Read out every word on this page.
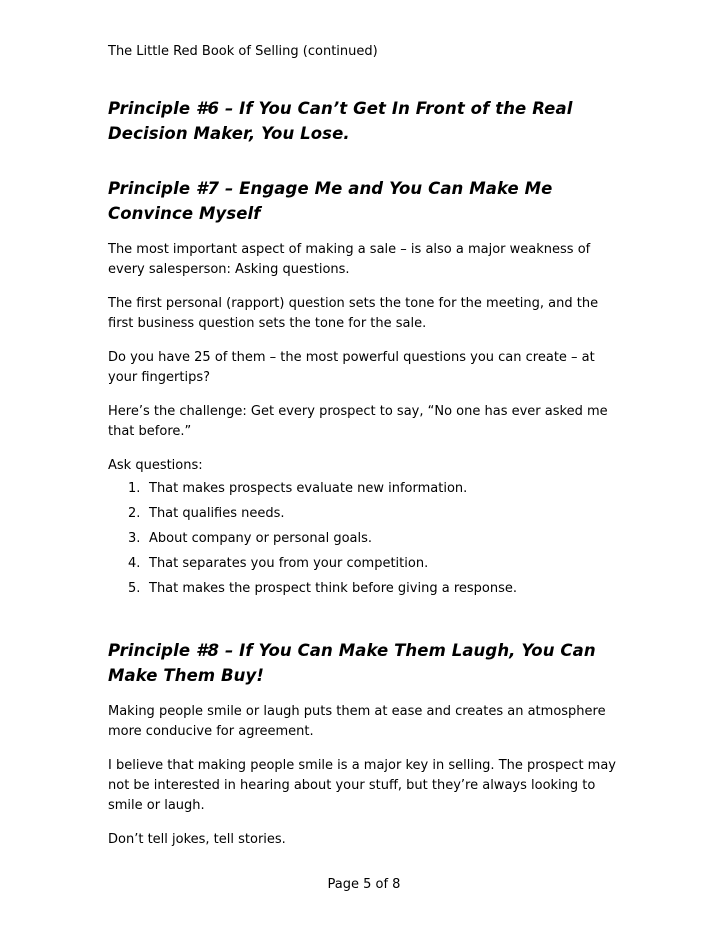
The Little Red Book of Selling (continued)
Principle #6 – If You Can’t Get In Front of the Real Decision Maker, You Lose.
Principle #7 – Engage Me and You Can Make Me Convince Myself

The most important aspect of making a sale – is also a major weakness of every salesperson: Asking questions.

The first personal (rapport) question sets the tone for the meeting, and the first business question sets the tone for the sale.

Do you have 25 of them – the most powerful questions you can create – at your fingertips?

Here’s the challenge: Get every prospect to say, “No one has ever asked me that before.”

Ask questions:

1. That makes prospects evaluate new information.
2. That qualifies needs.
3. About company or personal goals.
4. That separates you from your competition.
5. That makes the prospect think before giving a response.
Principle #8 – If You Can Make Them Laugh, You Can Make Them Buy!

Making people smile or laugh puts them at ease and creates an atmosphere more conducive for agreement.

I believe that making people smile is a major key in selling. The prospect may not be interested in hearing about your stuff, but they’re always looking to smile or laugh.

Don’t tell jokes, tell stories.

Page 5 of 8
